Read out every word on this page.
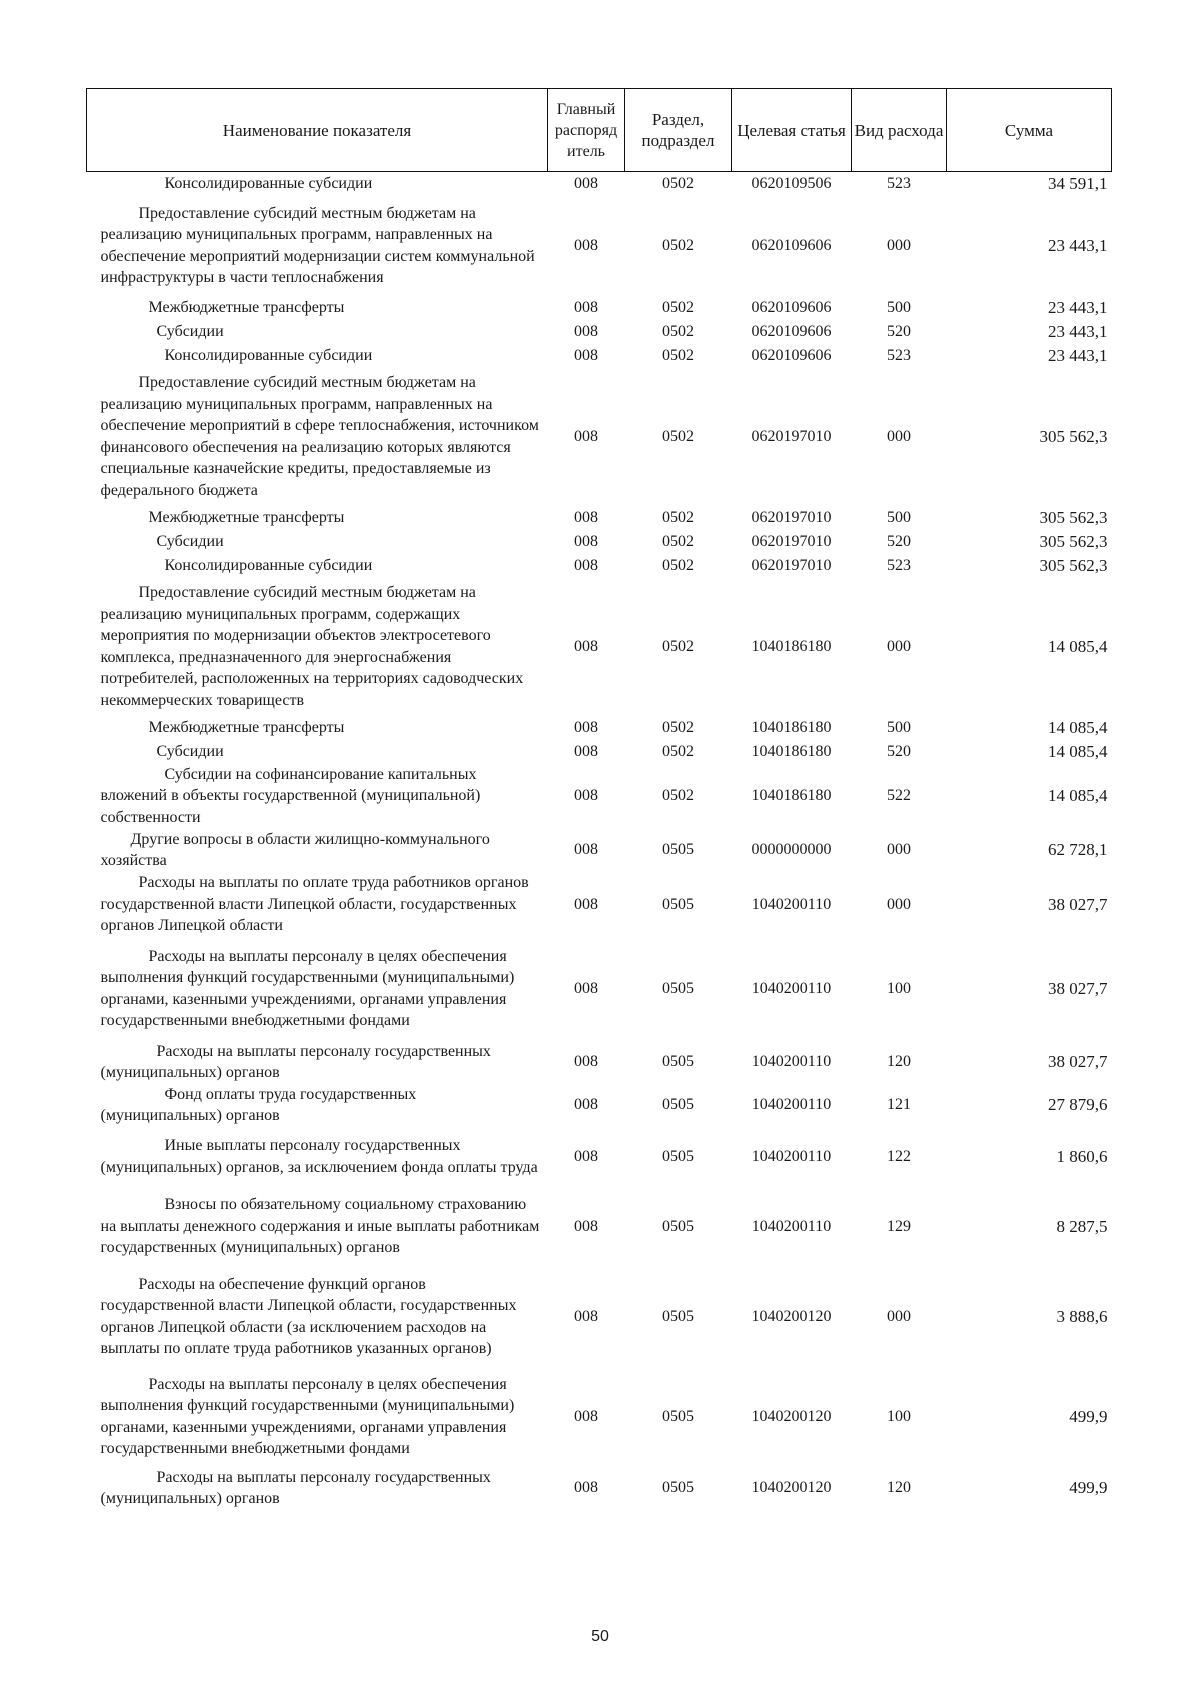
Наименование показателя	Главный распоряд итель	Раздел, подраздел	Целевая статья	Вид расхода	Сумма
Консолидированные субсидии	008	0502	0620109506	523	34 591,1
Предоставление субсидий местным бюджетам на реализацию муниципальных программ, направленных на обеспечение мероприятий модернизации систем коммунальной инфраструктуры в части теплоснабжения	008	0502	0620109606	000	23 443,1
Межбюджетные трансферты	008	0502	0620109606	500	23 443,1
Субсидии	008	0502	0620109606	520	23 443,1
Консолидированные субсидии	008	0502	0620109606	523	23 443,1
Предоставление субсидий местным бюджетам на реализацию муниципальных программ, направленных на обеспечение мероприятий в сфере теплоснабжения, источником финансового обеспечения на реализацию которых являются специальные казначейские кредиты, предоставляемые из федерального бюджета	008	0502	0620197010	000	305 562,3
Межбюджетные трансферты	008	0502	0620197010	500	305 562,3
Субсидии	008	0502	0620197010	520	305 562,3
Консолидированные субсидии	008	0502	0620197010	523	305 562,3
Предоставление субсидий местным бюджетам на реализацию муниципальных программ, содержащих мероприятия по модернизации объектов электросетевого комплекса, предназначенного для энергоснабжения потребителей, расположенных на территориях садоводческих некоммерческих товариществ	008	0502	1040186180	000	14 085,4
Межбюджетные трансферты	008	0502	1040186180	500	14 085,4
Субсидии	008	0502	1040186180	520	14 085,4
Субсидии на софинансирование капитальных вложений в объекты государственной (муниципальной) собственности	008	0502	1040186180	522	14 085,4
Другие вопросы в области жилищно-коммунального хозяйства	008	0505	0000000000	000	62 728,1
Расходы на выплаты по оплате труда работников органов государственной власти Липецкой области, государственных органов Липецкой области	008	0505	1040200110	000	38 027,7
Расходы на выплаты персоналу в целях обеспечения выполнения функций государственными (муниципальными) органами, казенными учреждениями, органами управления государственными внебюджетными фондами	008	0505	1040200110	100	38 027,7
Расходы на выплаты персоналу государственных (муниципальных) органов	008	0505	1040200110	120	38 027,7
Фонд оплаты труда государственных (муниципальных) органов	008	0505	1040200110	121	27 879,6
Иные выплаты персоналу государственных (муниципальных) органов, за исключением фонда оплаты труда	008	0505	1040200110	122	1 860,6
Взносы по обязательному социальному страхованию на выплаты денежного содержания и иные выплаты работникам государственных (муниципальных) органов	008	0505	1040200110	129	8 287,5
Расходы на обеспечение функций органов государственной власти Липецкой области, государственных органов Липецкой области (за исключением расходов на выплаты по оплате труда работников указанных органов)	008	0505	1040200120	000	3 888,6
Расходы на выплаты персоналу в целях обеспечения выполнения функций государственными (муниципальными) органами, казенными учреждениями, органами управления государственными внебюджетными фондами	008	0505	1040200120	100	499,9
Расходы на выплаты персоналу государственных (муниципальных) органов	008	0505	1040200120	120	499,9
50
